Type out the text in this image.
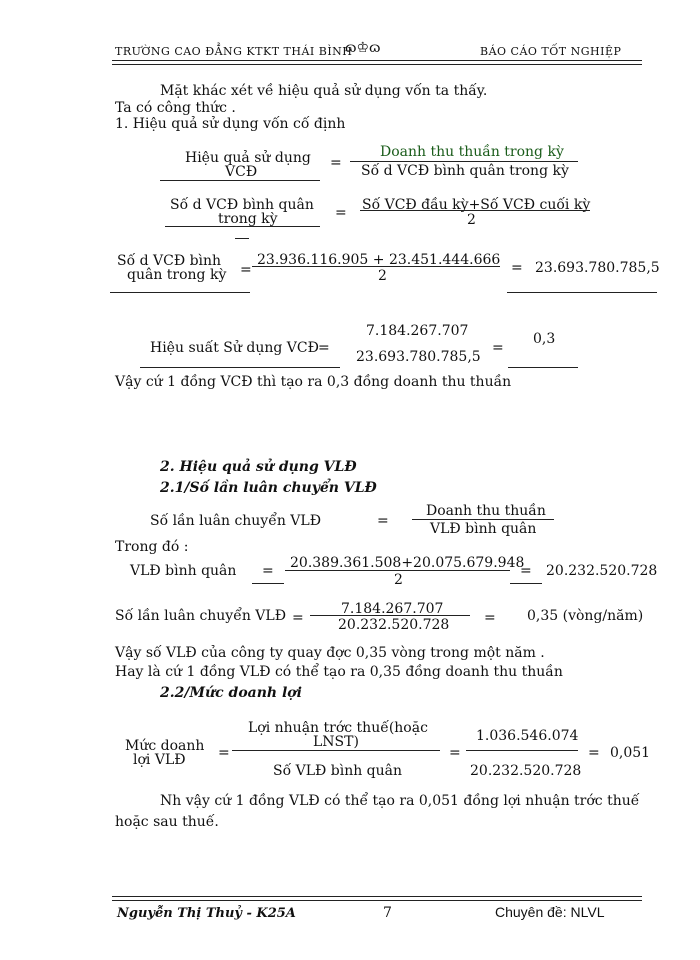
TRƯỜNG CAO ĐẲNG KTKT THÁI BÌNH
ɷ♔ɷ	BÁO CÁO TỐT NGHIỆP
Mặt khác xét về hiệu quả sử dụng vốn ta thấy.
Ta có công thức .
1. Hiệu quả sử dụng vốn cố định
Hiệu quả sử dụng
VCĐ
=
Doanh thu thuần trong kỳ
Số d VCĐ bình quân trong kỳ
Số d VCĐ bình quân
trong kỳ	= Số VCĐ đầu kỳ+Số VCĐ cuối kỳ
2
Số d VCĐ bình
quân trong kỳ =
23.936.116.905 + 23.451.444.666
2	= 23.693.780.785,5
Hiệu suất Sử dụng VCĐ =
7.184.267.707
23.693.780.785,5
=
0,3
Vậy cứ 1 đồng VCĐ thì tạo ra 0,3 đồng doanh thu thuần
2. Hiệu quả sử dụng VLĐ
2.1/Số lần luân chuyển VLĐ
Số lần luân chuyển VLĐ	=
Doanh thu thuần
VLĐ bình quân
Trong đó :
VLĐ bình quân = 20.389.361.508+20.075.679.948
2
= 20.232.520.728
Số lần luân chuyển VLĐ =
7.184.267.707
20.232.520.728 = 0,35 (vòng/năm)
Vậy số VLĐ của công ty quay đợc 0,35 vòng trong một năm .
Hay là cứ 1 đồng VLĐ có thể tạo ra 0,35 đồng doanh thu thuần
2.2/Mức doanh lợi
Mức doanh
lợi VLĐ =
Lợi nhuận trớc thuế(hoặc
LNST)
Số VLĐ bình quân
=
1.036.546.074
20.232.520.728
= 0,051
Nh vậy cứ 1 đồng VLĐ có thể tạo ra 0,051 đồng lợi nhuận trớc thuế
hoặc sau thuế.
Nguyễn Thị Thuỷ - K25A	7	Chuyên đề: NLVL
